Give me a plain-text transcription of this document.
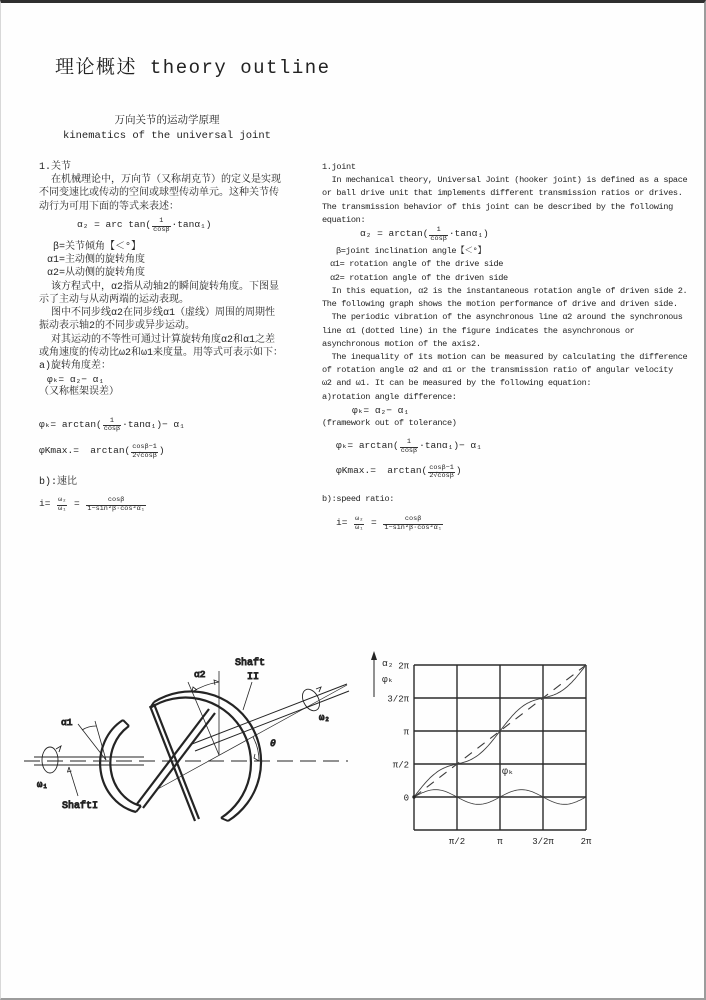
理论概述 theory outline
万向关节的运动学原理
kinematics of the universal joint
1.关节
在机械理论中，万向节（又称胡克节）的定义是实现
不同变速比或传动的空间或球型传动单元。这种关节传
动行为可用下面的等式来表述：
α₂ = arc $\tan( \frac{1}{\cos\beta} \cdot\tan\alpha_1)$
β=关节倾角【＜°】
α1=主动侧的旋转角度
α2=从动侧的旋转角度
该方程式中，α2指从动轴2的瞬间旋转角度。下图显
示了主动与从动两端的运动表现。
图中不同步线α2在同步线α1（虚线）周围的周期性
振动表示轴2的不同步或异步运动。
对其运动的不等性可通过计算旋转角度α2和α1之差
或角速度的传动比ω2和ω1来度量。用等式可表示如下：
a)旋转角度差：
φₖ= α₂− α₁
（又称框架误差）
$\varphi_k= \arctan( \frac{1}{\cos\beta} \cdot\tan\alpha_1)- \alpha_1$
$\varphi Kmax.= \arctan( \frac{\cos\beta-1}{2√\cos\beta}$ )
b):速比
$i= \frac{\text{ω₂}}{\text{ω₁}} = \frac{\cos\beta}{\text{1−sin²β·cos²α₁}}$
1.joint
In mechanical theory, Universal Joint (hooker joint) is defined as a space
or ball drive unit that implements different transmission ratios or drives.
The transmission behavior of this joint can be described by the following
equation:
$\alpha_2 = \arctan( \frac{1}{\cos\beta} \cdot\tan\alpha_1)$
β=joint inclination angle【＜°】
α1= rotation angle of the drive side
α2= rotation angle of the driven side
In this equation, α2 is the instantaneous rotation angle of driven side 2.
The following graph shows the motion performance of drive and driven side.
The periodic vibration of the asynchronous line α2 around the synchronous
line α1 (dotted line) in the figure indicates the asynchronous or
asynchronous motion of the axis2.
The inequality of its motion can be measured by calculating the difference
of rotation angle α2 and α1 or the transmission ratio of angular velocity
ω2 and ω1. It can be measured by the following equation:
a)rotation angle difference:
φₖ= α₂− α₁
(framework out of tolerance)
$\varphi_k= \arctan( \frac{1}{\cos\beta} \cdot\tan\alpha_1)- \alpha_1$
$\varphi Kmax.= \arctan( \frac{\cos\beta-1}{2√\cos\beta}$ )
b):speed ratio:
$i= \frac{\text{ω₂}}{\text{ω₁}} = \frac{\cos\beta}{\text{1−sin²β·cos²α₁}}$
ω₁
ShaftI
α1
Shaft
II
ω₂
α2
θ
2π
3/2π
π
π/2
0
π/2	π	3/2π	2π
α₂
φₖ
φₖ
